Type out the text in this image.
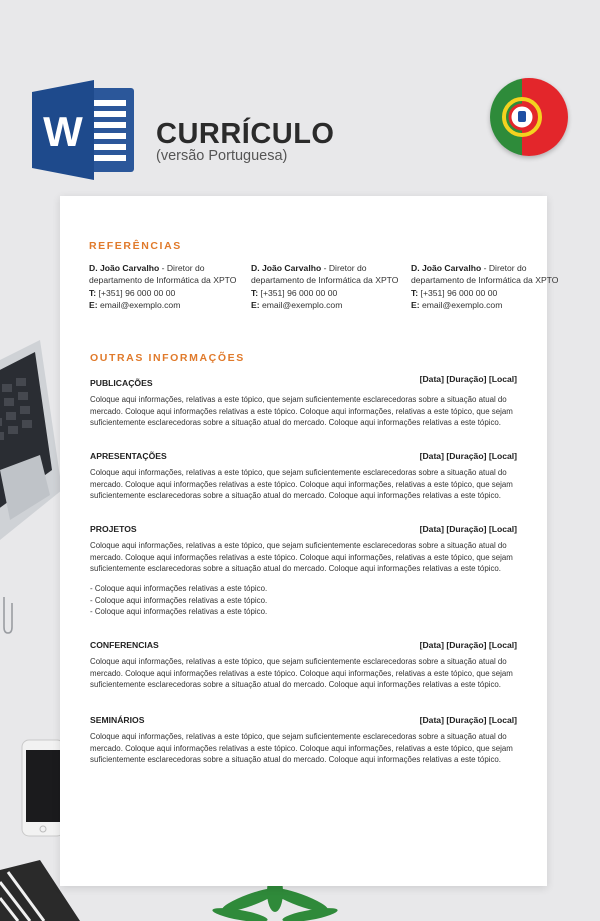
W	CURRÍCULO
(versão Portuguesa)
REFERÊNCIAS
D. João Carvalho - Diretor do departamento de Informática da XPTO
T: [+351] 96 000 00 00
E: email@exemplo.com
D. João Carvalho - Diretor do departamento de Informática da XPTO
T: [+351] 96 000 00 00
E: email@exemplo.com
D. João Carvalho - Diretor do departamento de Informática da XPTO
T: [+351] 96 000 00 00
E: email@exemplo.com
OUTRAS INFORMAÇÕES
PUBLICAÇÕES	[Data] [Duração] [Local]
Coloque aqui informações, relativas a este tópico, que sejam suficientemente esclarecedoras sobre a situação atual do mercado. Coloque aqui informações relativas a este tópico. Coloque aqui informações, relativas a este tópico, que sejam suficientemente esclarecedoras sobre a situação atual do mercado. Coloque aqui informações relativas a este tópico.
APRESENTAÇÕES	[Data] [Duração] [Local]
Coloque aqui informações, relativas a este tópico, que sejam suficientemente esclarecedoras sobre a situação atual do mercado. Coloque aqui informações relativas a este tópico. Coloque aqui informações, relativas a este tópico, que sejam suficientemente esclarecedoras sobre a situação atual do mercado. Coloque aqui informações relativas a este tópico.
PROJETOS	[Data] [Duração] [Local]
Coloque aqui informações, relativas a este tópico, que sejam suficientemente esclarecedoras sobre a situação atual do mercado. Coloque aqui informações relativas a este tópico. Coloque aqui informações, relativas a este tópico, que sejam suficientemente esclarecedoras sobre a situação atual do mercado. Coloque aqui informações relativas a este tópico.
- Coloque aqui informações relativas a este tópico.
- Coloque aqui informações relativas a este tópico.
- Coloque aqui informações relativas a este tópico.
CONFERENCIAS	[Data] [Duração] [Local]
Coloque aqui informações, relativas a este tópico, que sejam suficientemente esclarecedoras sobre a situação atual do mercado. Coloque aqui informações relativas a este tópico. Coloque aqui informações, relativas a este tópico, que sejam suficientemente esclarecedoras sobre a situação atual do mercado. Coloque aqui informações relativas a este tópico.
SEMINÁRIOS	[Data] [Duração] [Local]
Coloque aqui informações, relativas a este tópico, que sejam suficientemente esclarecedoras sobre a situação atual do mercado. Coloque aqui informações relativas a este tópico. Coloque aqui informações, relativas a este tópico, que sejam suficientemente esclarecedoras sobre a situação atual do mercado. Coloque aqui informações relativas a este tópico.
